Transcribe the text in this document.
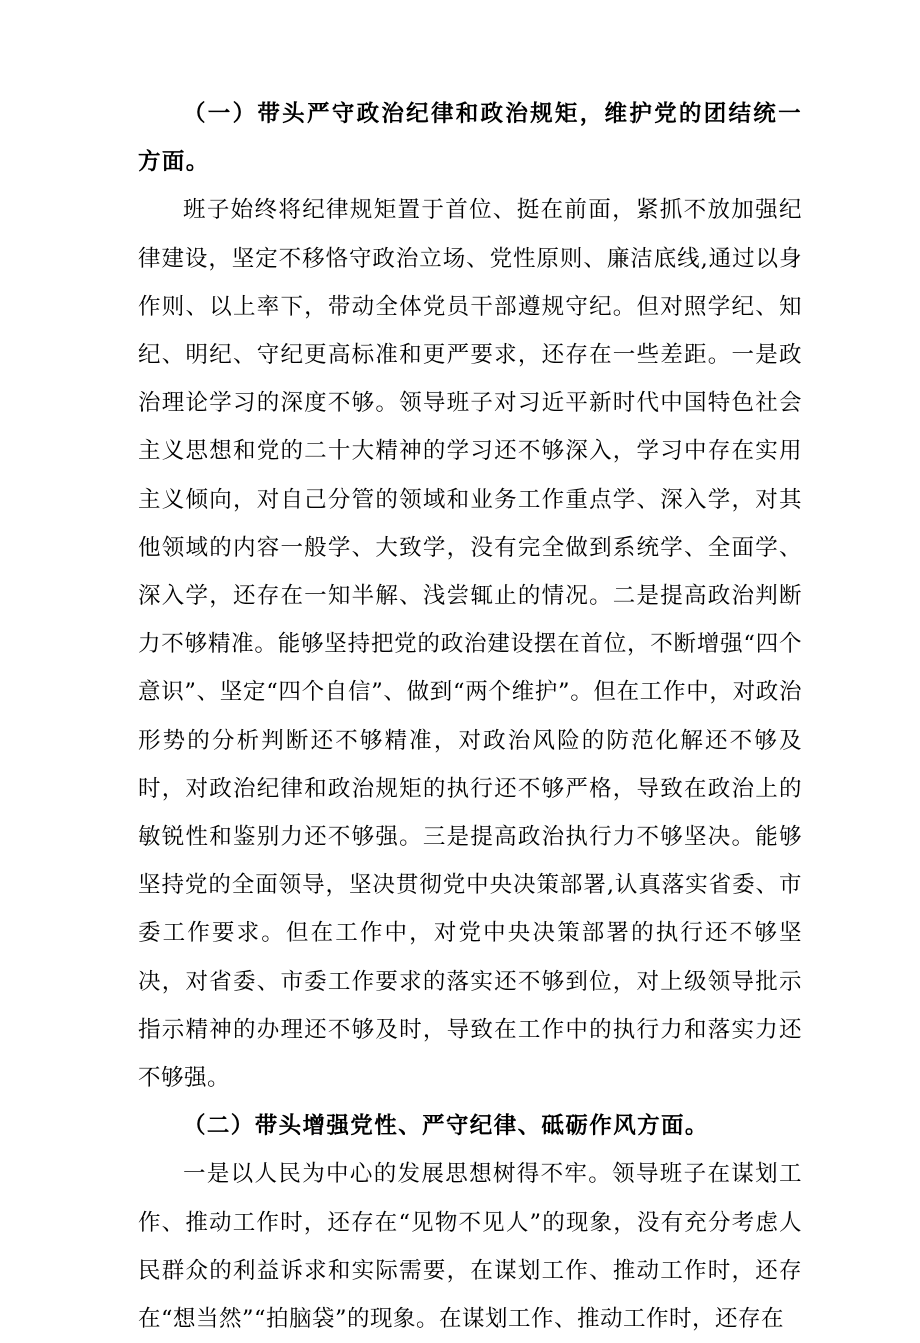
（一）带头严守政治纪律和政治规矩，维护党的团结统一方面。

班子始终将纪律规矩置于首位、挺在前面，紧抓不放加强纪律建设，坚定不移恪守政治立场、党性原则、廉洁底线,通过以身作则、以上率下，带动全体党员干部遵规守纪。但对照学纪、知纪、明纪、守纪更高标准和更严要求，还存在一些差距。一是政治理论学习的深度不够。领导班子对习近平新时代中国特色社会主义思想和党的二十大精神的学习还不够深入，学习中存在实用主义倾向，对自己分管的领域和业务工作重点学、深入学，对其他领域的内容一般学、大致学，没有完全做到系统学、全面学、深入学，还存在一知半解、浅尝辄止的情况。二是提高政治判断力不够精准。能够坚持把党的政治建设摆在首位，不断增强“四个意识”、坚定“四个自信”、做到“两个维护”。但在工作中，对政治形势的分析判断还不够精准，对政治风险的防范化解还不够及时，对政治纪律和政治规矩的执行还不够严格，导致在政治上的敏锐性和鉴别力还不够强。三是提高政治执行力不够坚决。能够坚持党的全面领导，坚决贯彻党中央决策部署,认真落实省委、市委工作要求。但在工作中，对党中央决策部署的执行还不够坚决，对省委、市委工作要求的落实还不够到位，对上级领导批示指示精神的办理还不够及时，导致在工作中的执行力和落实力还不够强。

（二）带头增强党性、严守纪律、砥砺作风方面。

一是以人民为中心的发展思想树得不牢。领导班子在谋划工作、推动工作时，还存在“见物不见人”的现象，没有充分考虑人民群众的利益诉求和实际需要，在谋划工作、推动工作时，还存在“想当然”“拍脑袋”的现象。在谋划工作、推动工作时，还存在
